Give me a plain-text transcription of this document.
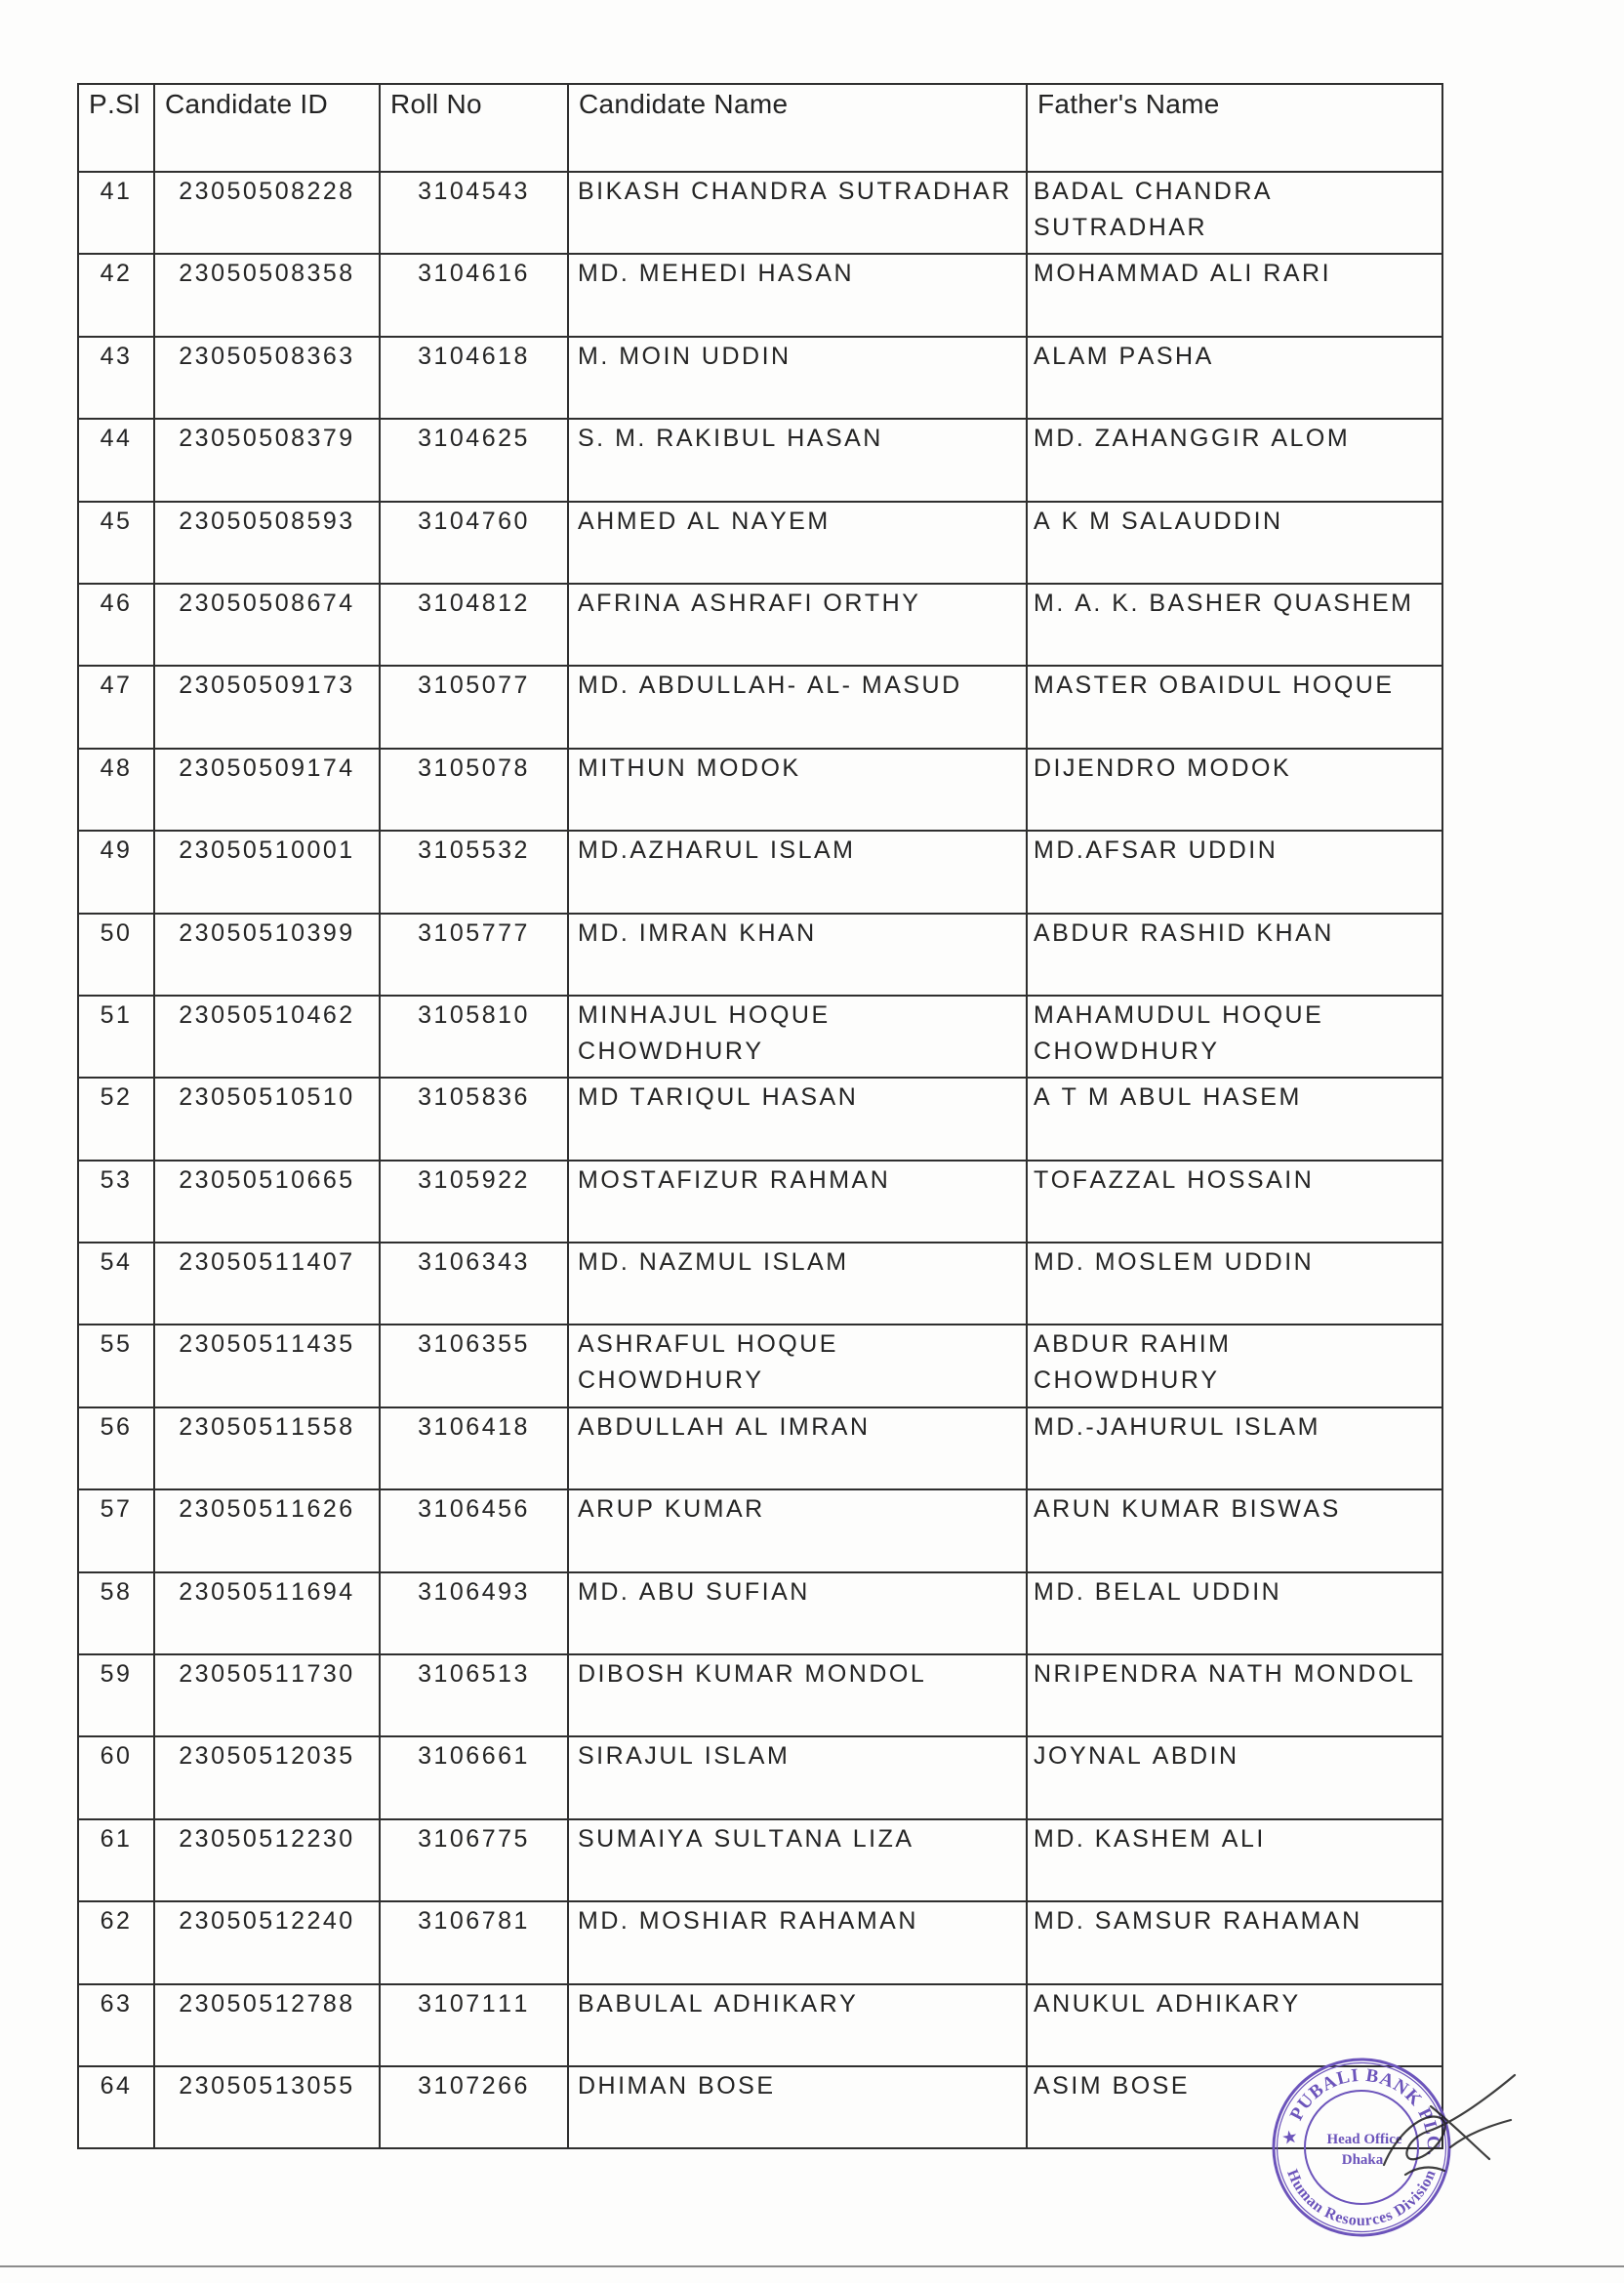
P.Sl	Candidate ID	Roll No	Candidate Name	Father's Name
41	23050508228	3104543	BIKASH CHANDRA SUTRADHAR	BADAL CHANDRA SUTRADHAR
42	23050508358	3104616	MD. MEHEDI HASAN	MOHAMMAD ALI RARI
43	23050508363	3104618	M. MOIN UDDIN	ALAM PASHA
44	23050508379	3104625	S. M. RAKIBUL HASAN	MD. ZAHANGGIR ALOM
45	23050508593	3104760	AHMED AL NAYEM	A K M SALAUDDIN
46	23050508674	3104812	AFRINA ASHRAFI ORTHY	M. A. K. BASHER QUASHEM
47	23050509173	3105077	MD. ABDULLAH- AL- MASUD	MASTER OBAIDUL HOQUE
48	23050509174	3105078	MITHUN MODOK	DIJENDRO MODOK
49	23050510001	3105532	MD.AZHARUL ISLAM	MD.AFSAR UDDIN
50	23050510399	3105777	MD. IMRAN KHAN	ABDUR RASHID KHAN
51	23050510462	3105810	MINHAJUL HOQUE CHOWDHURY	MAHAMUDUL HOQUE CHOWDHURY
52	23050510510	3105836	MD TARIQUL HASAN	A T M ABUL HASEM
53	23050510665	3105922	MOSTAFIZUR RAHMAN	TOFAZZAL HOSSAIN
54	23050511407	3106343	MD. NAZMUL ISLAM	MD. MOSLEM UDDIN
55	23050511435	3106355	ASHRAFUL HOQUE CHOWDHURY	ABDUR RAHIM CHOWDHURY
56	23050511558	3106418	ABDULLAH AL IMRAN	MD.-JAHURUL ISLAM
57	23050511626	3106456	ARUP KUMAR	ARUN KUMAR BISWAS
58	23050511694	3106493	MD. ABU SUFIAN	MD. BELAL UDDIN
59	23050511730	3106513	DIBOSH KUMAR MONDOL	NRIPENDRA NATH MONDOL
60	23050512035	3106661	SIRAJUL ISLAM	JOYNAL ABDIN
61	23050512230	3106775	SUMAIYA SULTANA LIZA	MD. KASHEM ALI
62	23050512240	3106781	MD. MOSHIAR RAHAMAN	MD. SAMSUR RAHAMAN
63	23050512788	3107111	BABULAL ADHIKARY	ANUKUL ADHIKARY
64	23050513055	3107266	DHIMAN BOSE	ASIM BOSE
PUBALI BANK PLC.
Human Resources Division
★ Head Office
Dhaka
